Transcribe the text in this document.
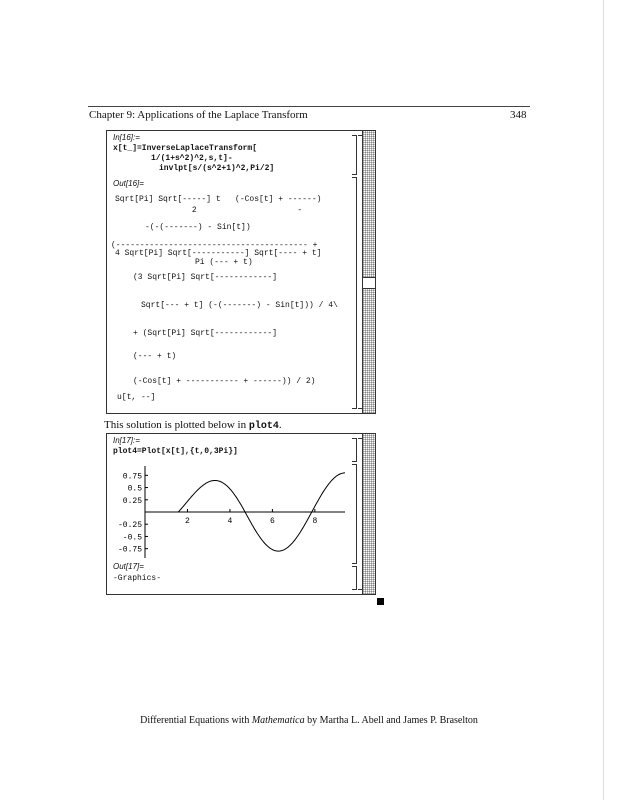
Chapter 9: Applications of the Laplace Transform	348
In[16]:=
x[t_]=InverseLaplaceTransform[
1/(1+s^2)^2,s,t]-
invlpt[s/(s^2+1)^2,Pi/2]
Out[16]=
Sqrt[Pi] Sqrt[-----] t   (-Cos[t] + ------)
2                     -
-(-(-------) - Sin[t])
(---------------------------------------- +
4 Sqrt[Pi] Sqrt[-----------] Sqrt[---- + t]
Pi (--- + t)
(3 Sqrt[Pi] Sqrt[------------]
Sqrt[--- + t] (-(-------) - Sin[t])) / 4\
+ (Sqrt[Pi] Sqrt[------------]
(--- + t)
(-Cos[t] + ----------- + ------)) / 2)
u[t, --]
This solution is plotted below in plot4.
In[17]:=
plot4=Plot[x[t],{t,0,3Pi}]
0.75
0.5
0.25
-0.25
-0.5
-0.75
2	4	6	8
Out[17]=
-Graphics-
Differential Equations with Mathematica by Martha L. Abell and James P. Braselton
